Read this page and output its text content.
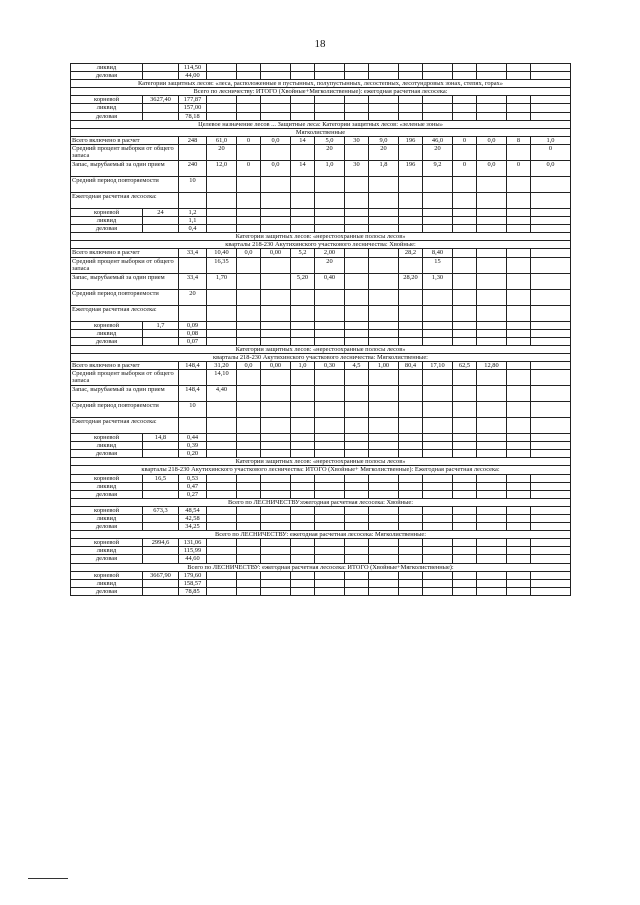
18
ликвид		114,50														
деловая		44,00														
Категории защитных лесов: «леса, расположенные в пустынных, полупустынных, лесостепных, лесотундровых зонах, степях, горах»																
Всего по лесничеству: ИТОГО (Хвойные+Мягколиственные): ежегодная расчетная лесосека:																
корневой	3627,40	177,87														
ликвид		157,00														
деловая		78,18														
Целевое назначение лесов ... Защитные леса: Категории защитных лесов: «зеленые зоны»																
Мягколиственные																
Всего включено в расчет		248	61,0	0	0,0	14	5,0	30	9,0	196	46,0	0	0,0	8	1,0	
Средний процент выборки от общего запаса			20				20		20		20				0	
Запас, вырубаемый за один прием		240	12,0	0	0,0	14	1,0	30	1,8	196	9,2	0	0,0	0	0,0	
Средний период повторяемости		10														
Ежегодная расчетная лесосека:																
корневой	24	1,2														
ликвид		1,1														
деловая		0,4														
Категории защитных лесов: «нерестоохранные полосы лесов»																
кварталы 218-230 Акутихинского участкового лесничества: Хвойные:																
Всего включено в расчет		33,4	10,40	0,0	0,00	5,2	2,00			28,2	8,40					
Средний процент выборки от общего запаса			16,35				20				15					
Запас, вырубаемый за один прием		33,4	1,70			5,20	0,40			28,20	1,30					
Средний период повторяемости		20														
Ежегодная расчетная лесосека:																
корневой	1,7	0,09														
ликвид		0,08														
деловая		0,07														
Категории защитных лесов: «нерестоохранные полосы лесов»																
кварталы 218-230 Акутихинского участкового лесничества: Мягколиственные:																
Всего включено в расчет		148,4	31,20	0,0	0,00	1,0	0,30	4,5	1,00	80,4	17,10	62,5	12,80			
Средний процент выборки от общего запаса			14,10													
Запас, вырубаемый за один прием		148,4	4,40													
Средний период повторяемости		10														
Ежегодная расчетная лесосека:																
корневой	14,8	0,44														
ликвид		0,39														
деловая		0,20														
Категории защитных лесов: «нерестоохранные полосы лесов»																
кварталы 218-230 Акутихинского участкового лесничества: ИТОГО (Хвойные+ Мягколиственные): Ежегодная расчетная лесосека:																
корневой	16,5	0,53														
ликвид		0,47														
деловая		0,27														
Всего по ЛЕСНИЧЕСТВУ:ежегодная расчетная лесосека: Хвойные:																
корневой	673,3	48,54														
ликвид		42,58														
деловая		34,25														
Всего по ЛЕСНИЧЕСТВУ: ежегодная расчетная лесосека: Мягколиственные:																
корневой	2994,6	131,06														
ликвид		115,99														
деловая		44,60														
Всего по ЛЕСНИЧЕСТВУ: ежегодная расчетная лесосека: ИТОГО (Хвойные+Мягколиственные):																
корневой	3667,90	179,60														
ликвид		158,57														
деловая		78,85														
